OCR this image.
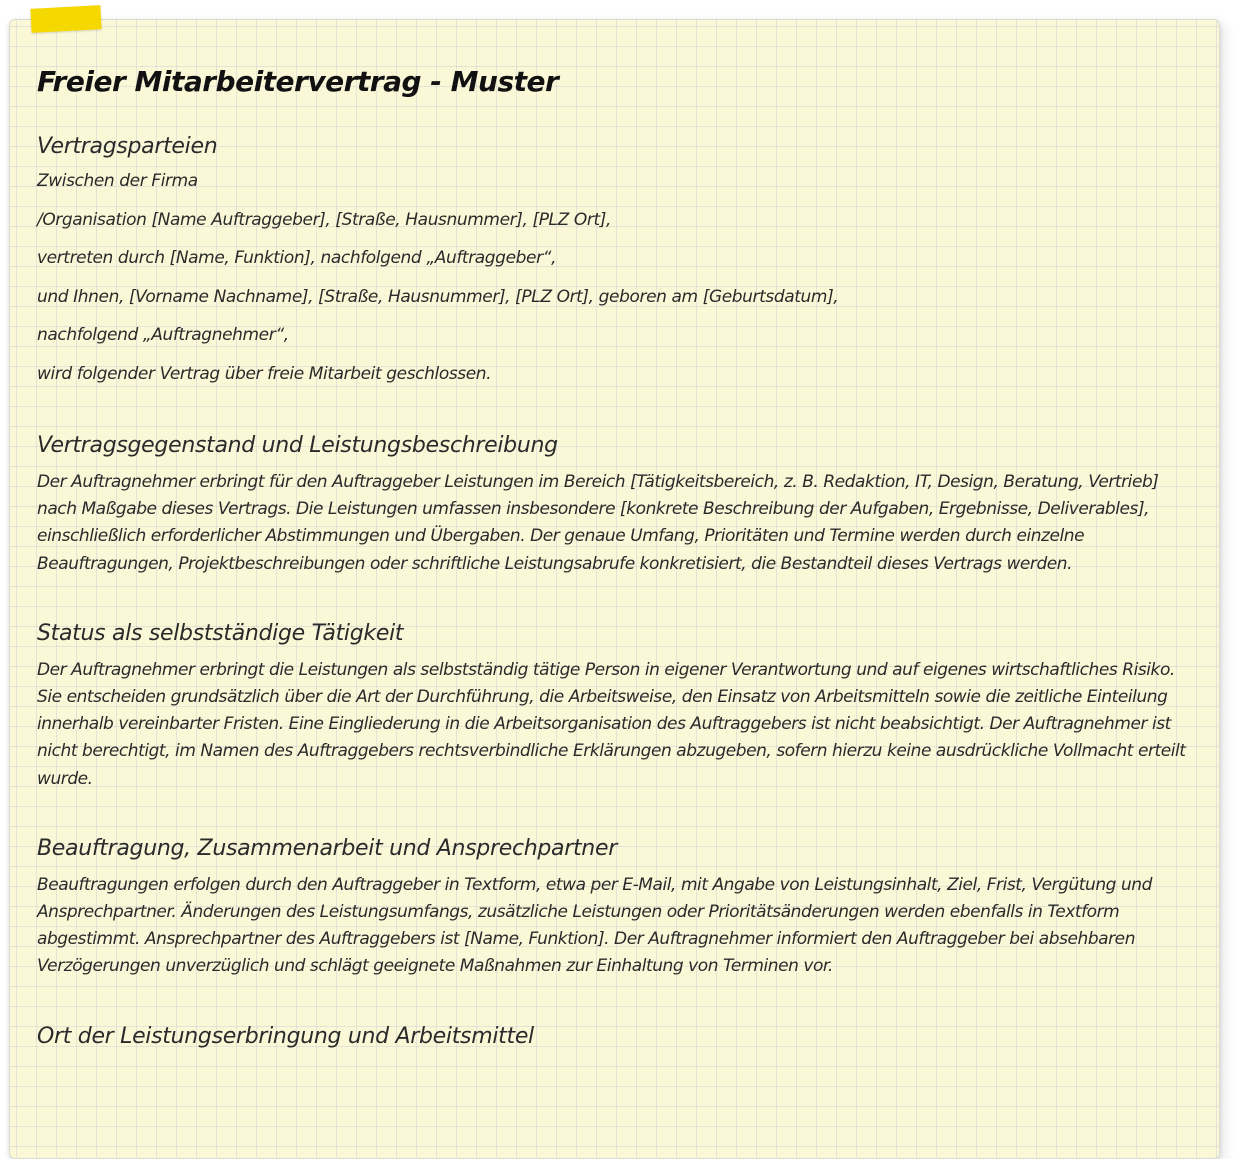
Freier Mitarbeitervertrag - Muster
Vertragsparteien
Zwischen der Firma
/Organisation [Name Auftraggeber], [Straße, Hausnummer], [PLZ Ort],
vertreten durch [Name, Funktion], nachfolgend „Auftraggeber“,
und Ihnen, [Vorname Nachname], [Straße, Hausnummer], [PLZ Ort], geboren am [Geburtsdatum],
nachfolgend „Auftragnehmer“,
wird folgender Vertrag über freie Mitarbeit geschlossen.
Vertragsgegenstand und Leistungsbeschreibung

Der Auftragnehmer erbringt für den Auftraggeber Leistungen im Bereich [Tätigkeitsbereich, z. B. Redaktion, IT, Design, Beratung, Vertrieb] nach Maßgabe dieses Vertrags. Die Leistungen umfassen insbesondere [konkrete Beschreibung der Aufgaben, Ergebnisse, Deliverables], einschließlich erforderlicher Abstimmungen und Übergaben. Der genaue Umfang, Prioritäten und Termine werden durch einzelne Beauftragungen, Projektbeschreibungen oder schriftliche Leistungsabrufe konkretisiert, die Bestandteil dieses Vertrags werden.

Status als selbstständige Tätigkeit

Der Auftragnehmer erbringt die Leistungen als selbstständig tätige Person in eigener Verantwortung und auf eigenes wirtschaftliches Risiko. Sie entscheiden grundsätzlich über die Art der Durchführung, die Arbeitsweise, den Einsatz von Arbeitsmitteln sowie die zeitliche Einteilung innerhalb vereinbarter Fristen. Eine Eingliederung in die Arbeitsorganisation des Auftraggebers ist nicht beabsichtigt. Der Auftragnehmer ist nicht berechtigt, im Namen des Auftraggebers rechtsverbindliche Erklärungen abzugeben, sofern hierzu keine ausdrückliche Vollmacht erteilt wurde.

Beauftragung, Zusammenarbeit und Ansprechpartner

Beauftragungen erfolgen durch den Auftraggeber in Textform, etwa per E-Mail, mit Angabe von Leistungsinhalt, Ziel, Frist, Vergütung und Ansprechpartner. Änderungen des Leistungsumfangs, zusätzliche Leistungen oder Prioritätsänderungen werden ebenfalls in Textform abgestimmt. Ansprechpartner des Auftraggebers ist [Name, Funktion]. Der Auftragnehmer informiert den Auftraggeber bei absehbaren Verzögerungen unverzüglich und schlägt geeignete Maßnahmen zur Einhaltung von Terminen vor.

Ort der Leistungserbringung und Arbeitsmittel
